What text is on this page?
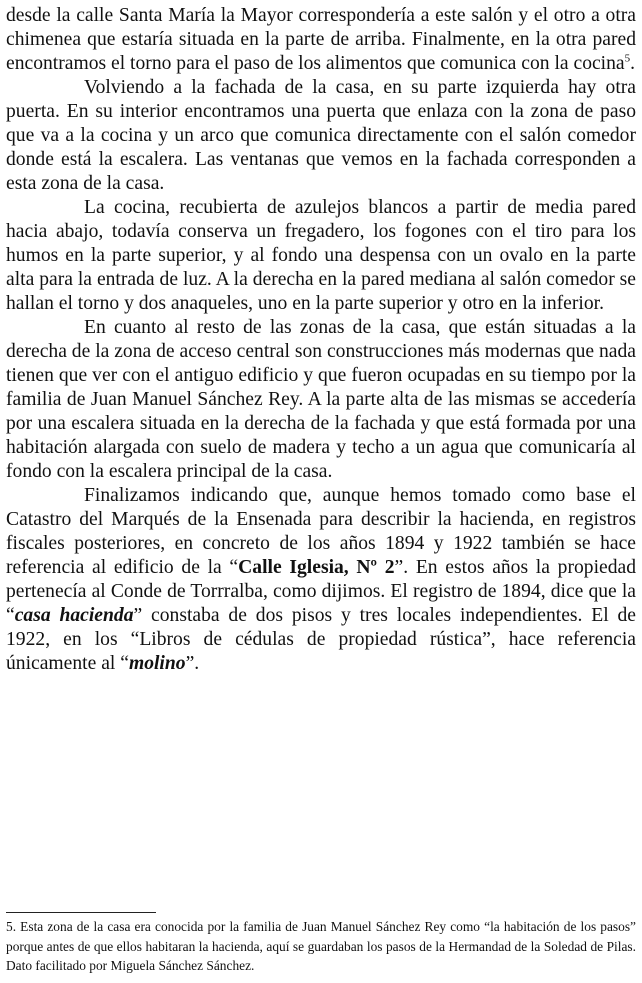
desde la calle Santa María la Mayor correspondería a este salón y el otro a otra chimenea que estaría situada en la parte de arriba. Finalmente, en la otra pared encontramos el torno para el paso de los alimentos que comunica con la cocina$^5$.

Volviendo a la fachada de la casa, en su parte izquierda hay otra puerta. En su interior encontramos una puerta que enlaza con la zona de paso que va a la cocina y un arco que comunica directamente con el salón comedor donde está la escalera. Las ventanas que vemos en la fachada corresponden a esta zona de la casa.

La cocina, recubierta de azulejos blancos a partir de media pared hacia abajo, todavía conserva un fregadero, los fogones con el tiro para los humos en la parte superior, y al fondo una despensa con un ovalo en la parte alta para la entrada de luz. A la derecha en la pared mediana al salón comedor se hallan el torno y dos anaqueles, uno en la parte superior y otro en la inferior.

En cuanto al resto de las zonas de la casa, que están situadas a la derecha de la zona de acceso central son construcciones más modernas que nada tienen que ver con el antiguo edificio y que fueron ocupadas en su tiempo por la familia de Juan Manuel Sánchez Rey. A la parte alta de las mismas se accedería por una escalera situada en la derecha de la fachada y que está formada por una habitación alargada con suelo de madera y techo a un agua que comunicaría al fondo con la escalera principal de la casa.

Finalizamos indicando que, aunque hemos tomado como base el Catastro del Marqués de la Ensenada para describir la hacienda, en registros fiscales posteriores, en concreto de los años 1894 y 1922 también se hace referencia al edificio de la “Calle Iglesia, Nº 2”. En estos años la propiedad pertenecía al Conde de Torrralba, como dijimos. El registro de 1894, dice que la “casa hacienda” constaba de dos pisos y tres locales independientes. El de 1922, en los “Libros de cédulas de propiedad rústica”, hace referencia únicamente al “molino”.

5. Esta zona de la casa era conocida por la familia de Juan Manuel Sánchez Rey como “la habitación de los pasos” porque antes de que ellos habitaran la hacienda, aquí se guardaban los pasos de la Hermandad de la Soledad de Pilas. Dato facilitado por Miguela Sánchez Sánchez.
